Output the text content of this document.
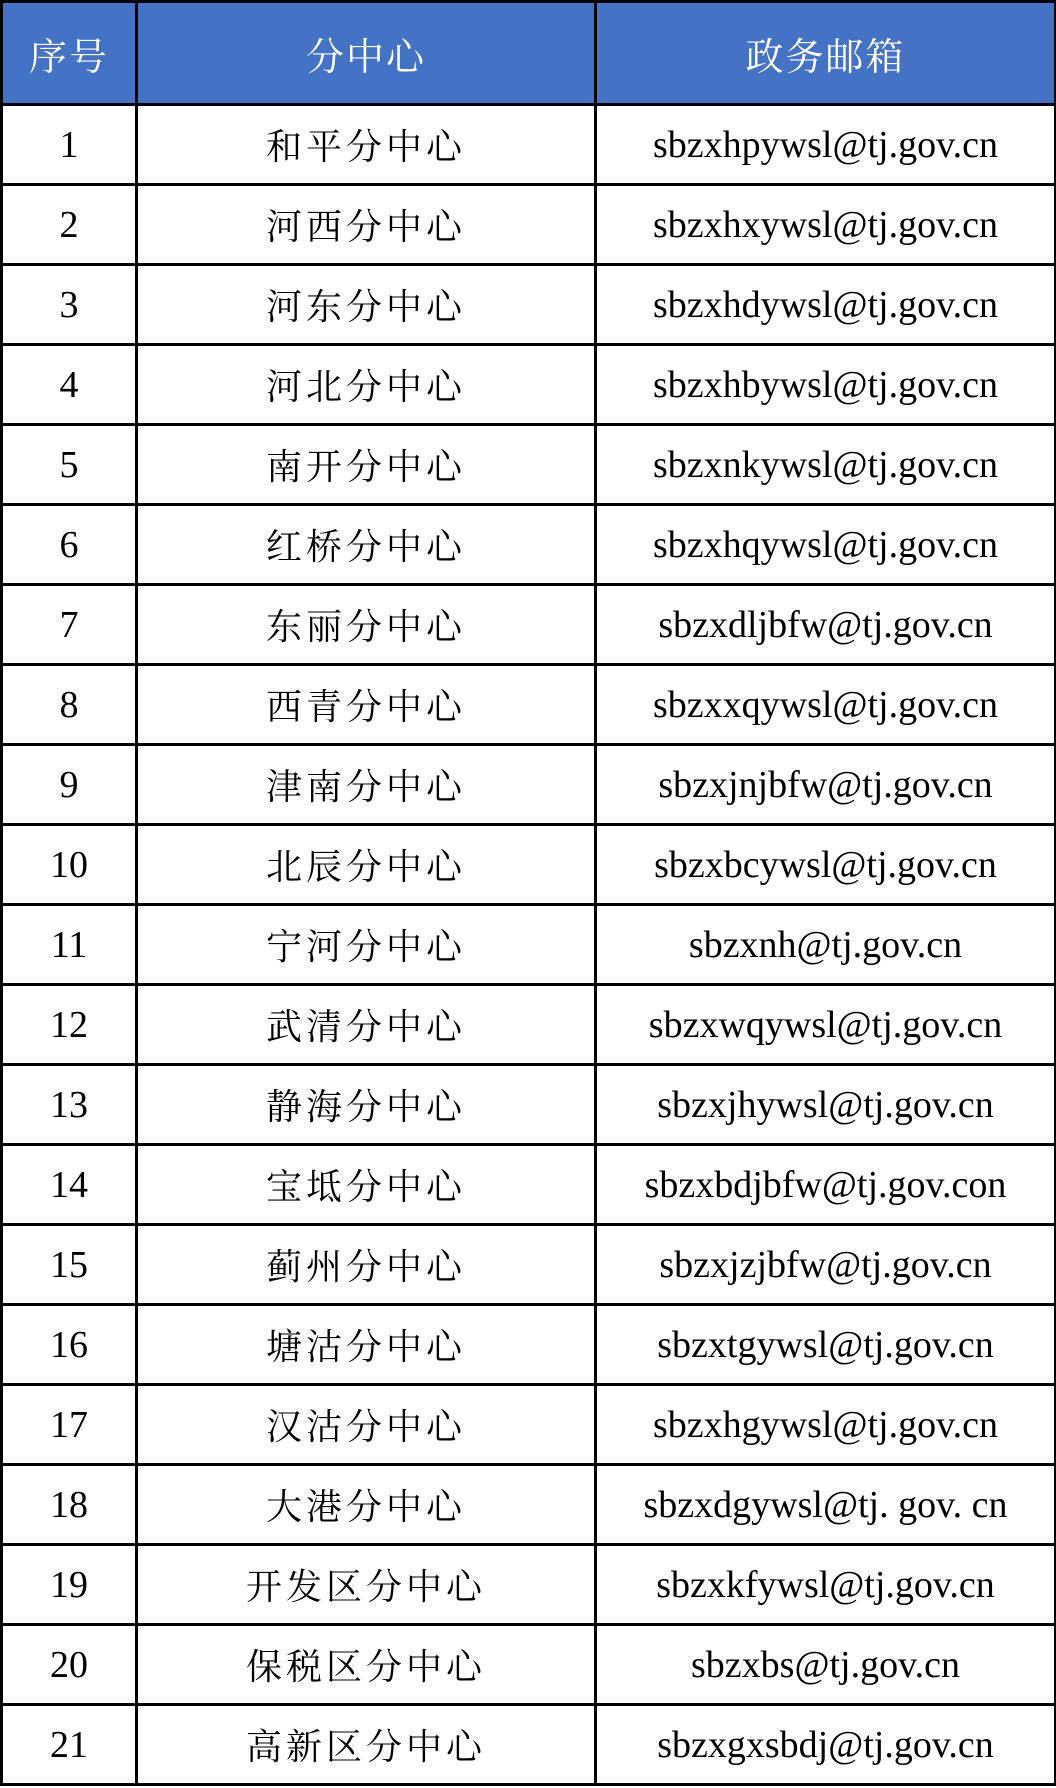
序号	分中心	政务邮箱
1	和平分中心	sbzxhpywsl@tj.gov.cn
2	河西分中心	sbzxhxywsl@tj.gov.cn
3	河东分中心	sbzxhdywsl@tj.gov.cn
4	河北分中心	sbzxhbywsl@tj.gov.cn
5	南开分中心	sbzxnkywsl@tj.gov.cn
6	红桥分中心	sbzxhqywsl@tj.gov.cn
7	东丽分中心	sbzxdljbfw@tj.gov.cn
8	西青分中心	sbzxxqywsl@tj.gov.cn
9	津南分中心	sbzxjnjbfw@tj.gov.cn
10	北辰分中心	sbzxbcywsl@tj.gov.cn
11	宁河分中心	sbzxnh@tj.gov.cn
12	武清分中心	sbzxwqywsl@tj.gov.cn
13	静海分中心	sbzxjhywsl@tj.gov.cn
14	宝坻分中心	sbzxbdjbfw@tj.gov.con
15	蓟州分中心	sbzxjzjbfw@tj.gov.cn
16	塘沽分中心	sbzxtgywsl@tj.gov.cn
17	汉沽分中心	sbzxhgywsl@tj.gov.cn
18	大港分中心	sbzxdgywsl@tj. gov. cn
19	开发区分中心	sbzxkfywsl@tj.gov.cn
20	保税区分中心	sbzxbs@tj.gov.cn
21	高新区分中心	sbzxgxsbdj@tj.gov.cn
